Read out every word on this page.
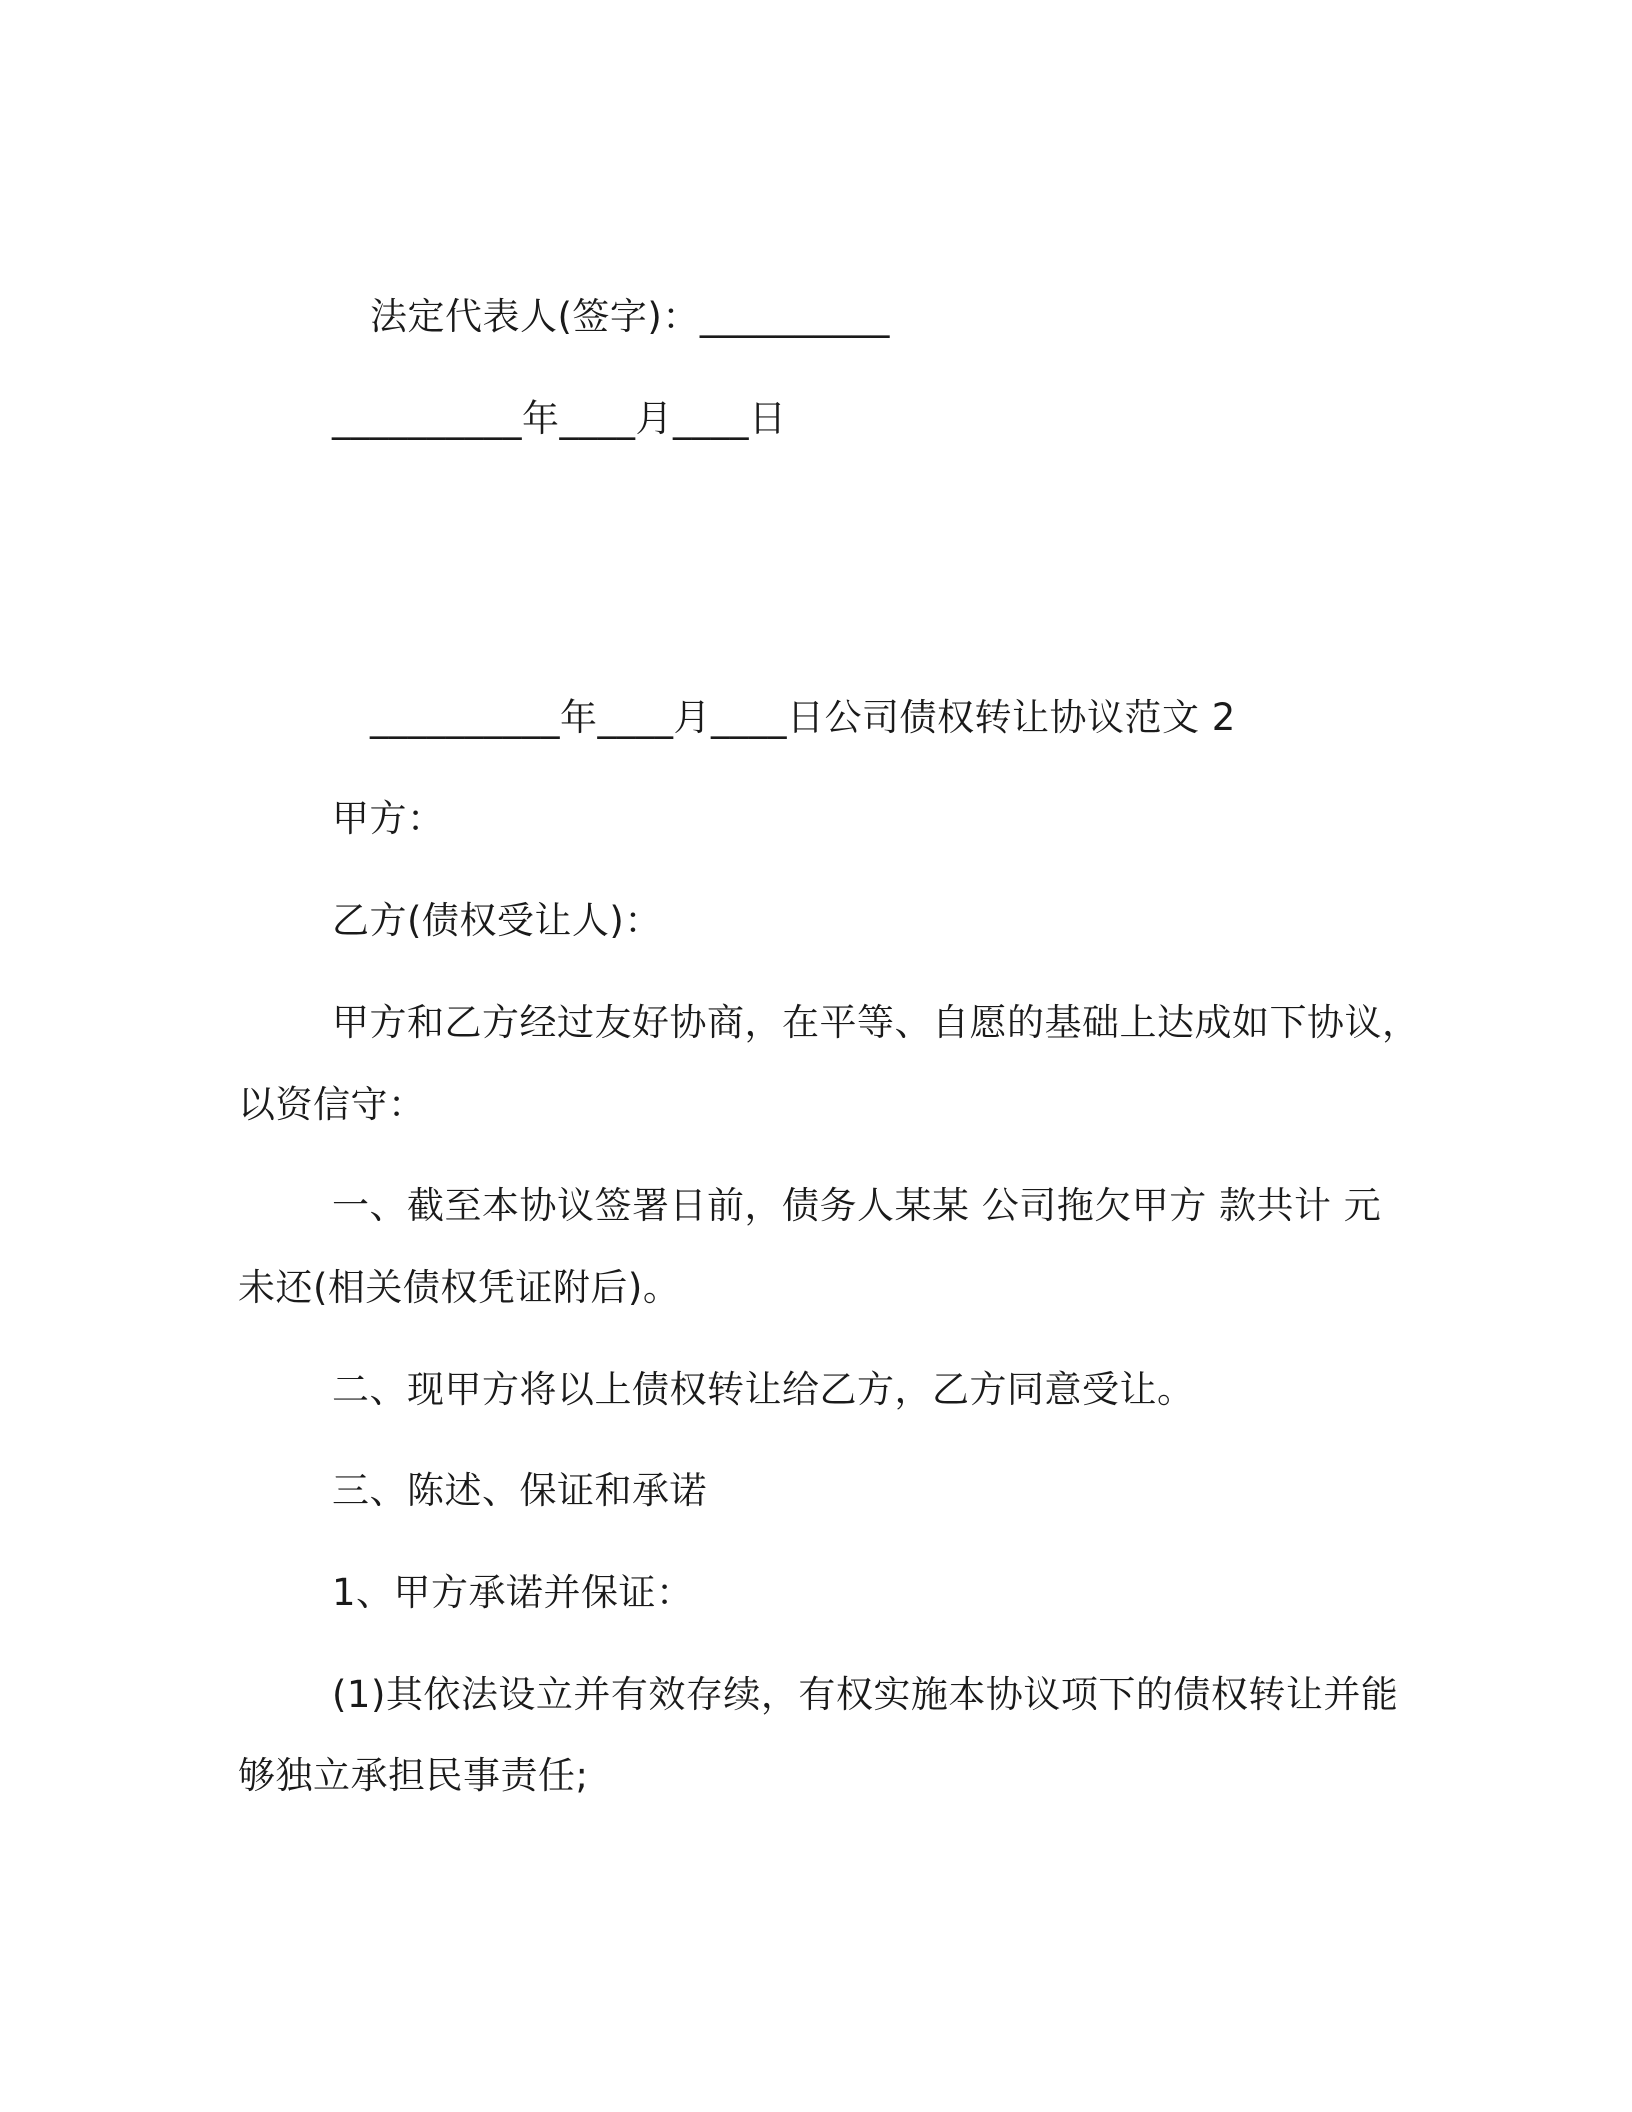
法定代表人(签字)：__________
__________年____月____日
__________年____月____日公司债权转让协议范文 2
甲方：
乙方(债权受让人)：
甲方和乙方经过友好协商，在平等、自愿的基础上达成如下协议，
以资信守：
一、截至本协议签署日前，债务人某某 公司拖欠甲方 款共计 元
未还(相关债权凭证附后)。
二、现甲方将以上债权转让给乙方，乙方同意受让。
三、陈述、保证和承诺
1、甲方承诺并保证：
(1)其依法设立并有效存续，有权实施本协议项下的债权转让并能
够独立承担民事责任;
